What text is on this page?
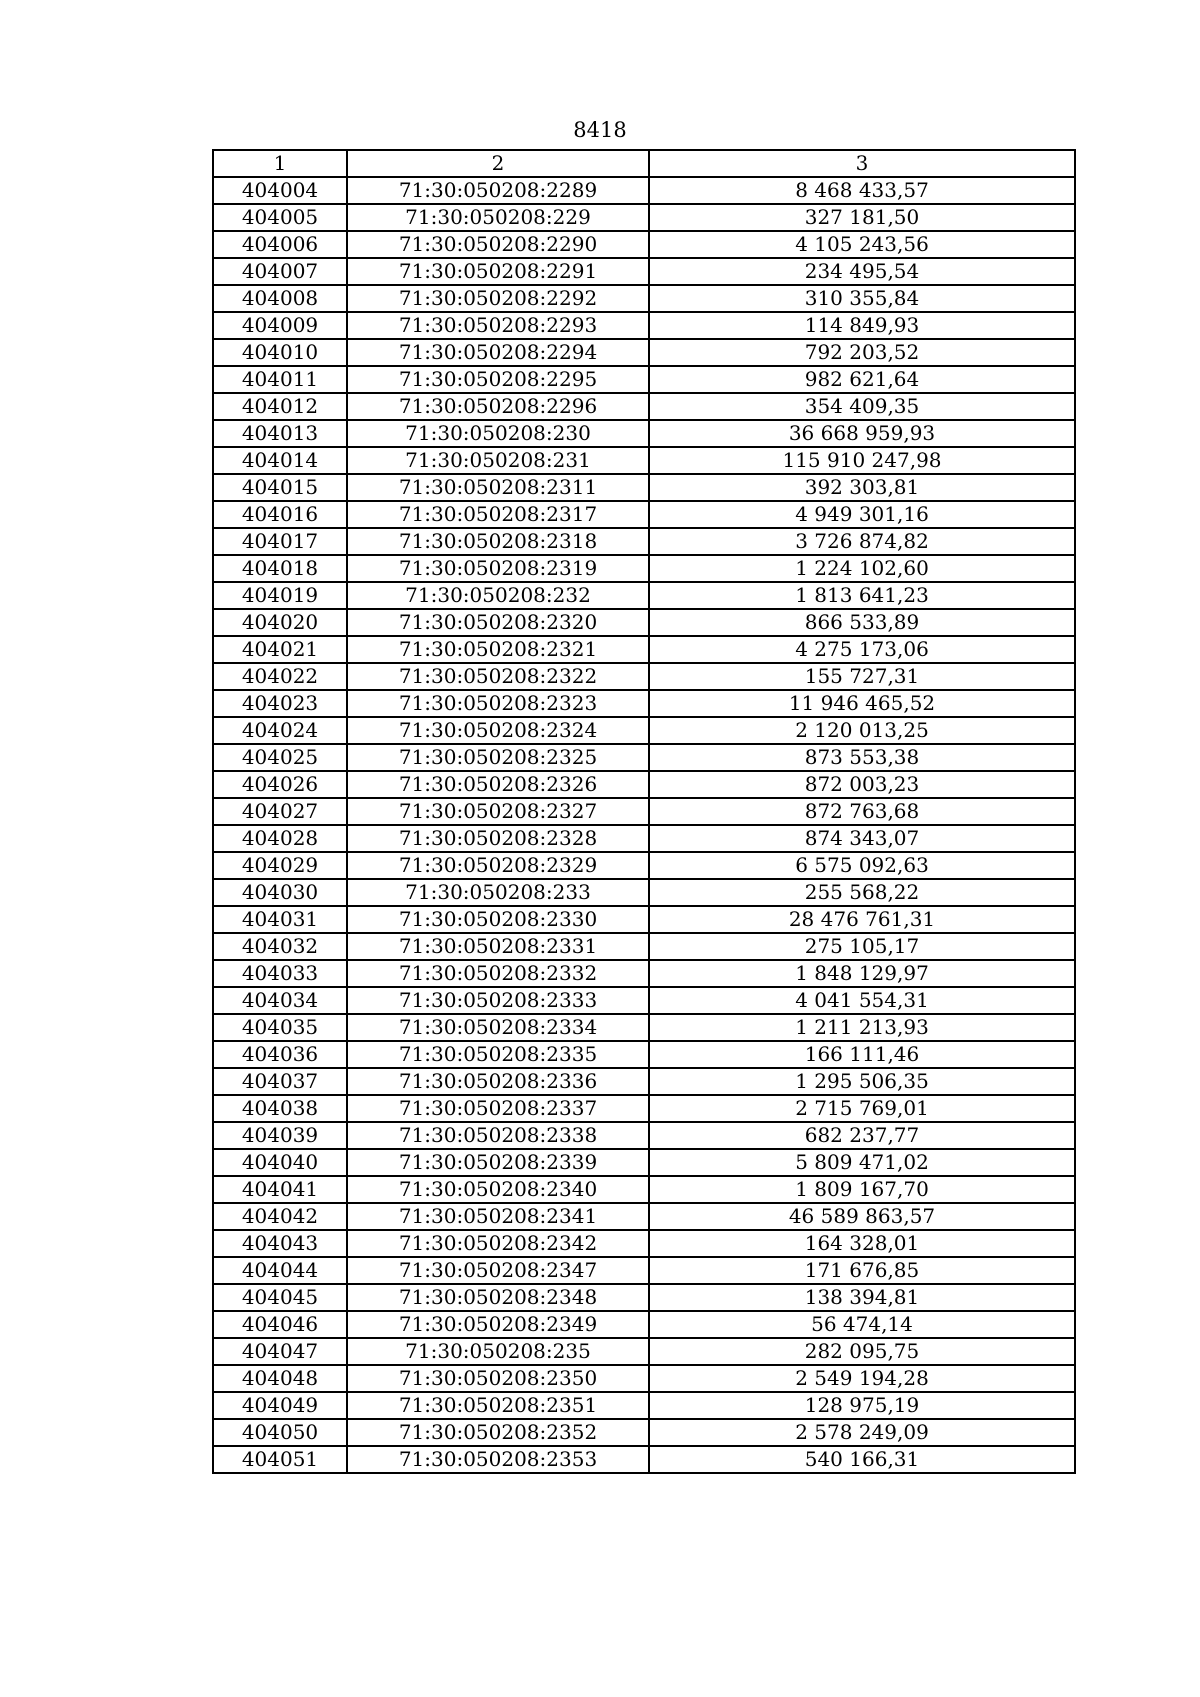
8418
1	2	3
404004	71:30:050208:2289	8 468 433,57
404005	71:30:050208:229	327 181,50
404006	71:30:050208:2290	4 105 243,56
404007	71:30:050208:2291	234 495,54
404008	71:30:050208:2292	310 355,84
404009	71:30:050208:2293	114 849,93
404010	71:30:050208:2294	792 203,52
404011	71:30:050208:2295	982 621,64
404012	71:30:050208:2296	354 409,35
404013	71:30:050208:230	36 668 959,93
404014	71:30:050208:231	115 910 247,98
404015	71:30:050208:2311	392 303,81
404016	71:30:050208:2317	4 949 301,16
404017	71:30:050208:2318	3 726 874,82
404018	71:30:050208:2319	1 224 102,60
404019	71:30:050208:232	1 813 641,23
404020	71:30:050208:2320	866 533,89
404021	71:30:050208:2321	4 275 173,06
404022	71:30:050208:2322	155 727,31
404023	71:30:050208:2323	11 946 465,52
404024	71:30:050208:2324	2 120 013,25
404025	71:30:050208:2325	873 553,38
404026	71:30:050208:2326	872 003,23
404027	71:30:050208:2327	872 763,68
404028	71:30:050208:2328	874 343,07
404029	71:30:050208:2329	6 575 092,63
404030	71:30:050208:233	255 568,22
404031	71:30:050208:2330	28 476 761,31
404032	71:30:050208:2331	275 105,17
404033	71:30:050208:2332	1 848 129,97
404034	71:30:050208:2333	4 041 554,31
404035	71:30:050208:2334	1 211 213,93
404036	71:30:050208:2335	166 111,46
404037	71:30:050208:2336	1 295 506,35
404038	71:30:050208:2337	2 715 769,01
404039	71:30:050208:2338	682 237,77
404040	71:30:050208:2339	5 809 471,02
404041	71:30:050208:2340	1 809 167,70
404042	71:30:050208:2341	46 589 863,57
404043	71:30:050208:2342	164 328,01
404044	71:30:050208:2347	171 676,85
404045	71:30:050208:2348	138 394,81
404046	71:30:050208:2349	56 474,14
404047	71:30:050208:235	282 095,75
404048	71:30:050208:2350	2 549 194,28
404049	71:30:050208:2351	128 975,19
404050	71:30:050208:2352	2 578 249,09
404051	71:30:050208:2353	540 166,31
